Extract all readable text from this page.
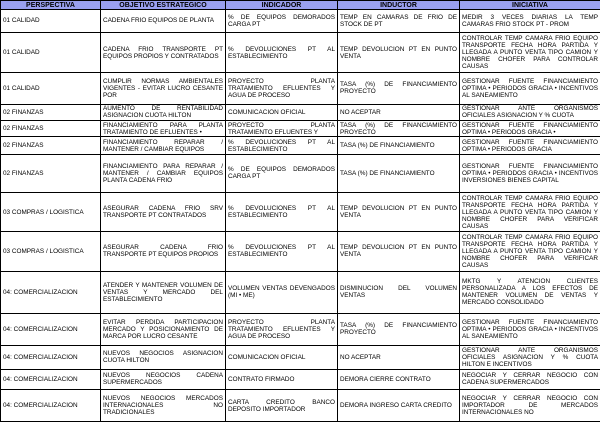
PERSPECTIVA	OBJETIVO ESTRATEGICO	INDICADOR	INDUCTOR	INICIATIVA
01 CALIDAD	CADENA FRIO EQUIPOS DE PLANTA	% DE EQUIPOS DEMORADOS CARGA PT	TEMP EN CAMARAS DE FRIO DE STOCK DE PT	MEDIR 3 VECES DIARIAS LA TEMP CAMARAS FRIO STOCK PT - PROM
01 CALIDAD	CADENA FRIO TRANSPORTE PT EQUIPOS PROPIOS Y CONTRATADOS	% DEVOLUCIONES PT AL ESTABLECIMIENTO	TEMP DEVOLUCION PT EN PUNTO VENTA	CONTROLAR TEMP CAMARA FRIO EQUIPO TRANSPORTE FECHA HORA PARTIDA Y LLEGADA A PUNTO VENTA TIPO CAMION Y NOMBRE CHOFER PARA CONTROLAR CAUSAS
01 CALIDAD	CUMPLIR NORMAS AMBIENTALES VIGENTES - EVITAR LUCRO CESANTE POR	PROYECTO PLANTA TRATAMIENTO EFLUENTES Y AGUA DE PROCESO	TASA (%) DE FINANCIAMIENTO PROYECTO	GESTIONAR FUENTE FINANCIAMIENTO OPTIMA • PERIODOS GRACIA • INCENTIVOS AL SANEAMIENTO
02 FINANZAS	AUMENTO DE RENTABILIDAD ASIGNACION CUOTA HILTON	COMUNICACION OFICIAL	NO ACEPTAR	GESTIONAR ANTE ORGANISMOS OFICIALES ASIGNACION Y % CUOTA
02 FINANZAS	FINANCIAMIENTO PARA PLANTA TRATAMIENTO DE EFLUENTES •	PROYECTO PLANTA TRATAMIENTO EFLUENTES Y	TASA (%) DE FINANCIAMIENTO PROYECTO	GESTIONAR FUENTE FINANCIAMIENTO OPTIMA • PERIODOS GRACIA •
02 FINANZAS	FINANCIAMIENTO REPARAR / MANTENER / CAMBIAR EQUIPOS	% DEVOLUCIONES PT AL ESTABLECIMIENTO	TASA (%) DE FINANCIAMIENTO	GESTIONAR FUENTE FINANCIAMIENTO OPTIMA • PERIODOS GRACIA
02 FINANZAS	FINANCIAMIENTO PARA REPARAR / MANTENER / CAMBIAR EQUIPOS PLANTA CADENA FRIO	% DE EQUIPOS DEMORADOS CARGA PT	TASA (%) DE FINANCIAMIENTO	GESTIONAR FUENTE FINANCIAMIENTO OPTIMA • PERIODOS GRACIA • INCENTIVOS INVERSIONES BIENES CAPITAL
03 COMPRAS / LOGISTICA	ASEGURAR CADENA FRIO SRV TRANSPORTE PT CONTRATADOS	% DEVOLUCIONES PT AL ESTABLECIMIENTO	TEMP DEVOLUCION PT EN PUNTO VENTA	CONTROLAR TEMP CAMARA FRIO EQUIPO TRANSPORTE FECHA HORA PARTIDA Y LLEGADA A PUNTO VENTA TIPO CAMION Y NOMBRE CHOFER PARA VERIFICAR CAUSAS
03 COMPRAS / LOGISTICA	ASEGURAR CADENA FRIO TRANSPORTE PT EQUIPOS PROPIOS	% DEVOLUCIONES PT AL ESTABLECIMIENTO	TEMP DEVOLUCION PT EN PUNTO VENTA	CONTROLAR TEMP CAMARA FRIO EQUIPO TRANSPORTE FECHA HORA PARTIDA Y LLEGADA A PUNTO VENTA TIPO CAMION Y NOMBRE CHOFER PARA VERIFICAR CAUSAS
04: COMERCIALIZACION	ATENDER Y MANTENER VOLUMEN DE VENTAS Y MERCADO DEL ESTABLECIMIENTO	VOLUMEN VENTAS DEVENGADOS (MI • ME)	DISMINUCION DEL VOLUMEN VENTAS	MKTG Y ATENCION CLIENTES PERSONALIZADA A LOS EFECTOS DE MANTENER VOLUMEN DE VENTAS Y MERCADO CONSOLIDADO
04: COMERCIALIZACION	EVITAR PERDIDA PARTICIPACION MERCADO Y POSICIONAMIENTO DE MARCA POR LUCRO CESANTE	PROYECTO PLANTA TRATAMIENTO EFLUENTES Y AGUA DE PROCESO	TASA (%) DE FINANCIAMIENTO PROYECTO	GESTIONAR FUENTE FINANCIAMIENTO OPTIMA • PERIODOS GRACIA • INCENTIVOS AL SANEAMIENTO
04: COMERCIALIZACION	NUEVOS NEGOCIOS ASIGNACION CUOTA HILTON	COMUNICACION OFICIAL	NO ACEPTAR	GESTIONAR ANTE ORGANISMOS OFICIALES ASIGNACION Y % CUOTA HILTON E INCENTIVOS
04: COMERCIALIZACION	NUEVOS NEGOCIOS CADENA SUPERMERCADOS	CONTRATO FIRMADO	DEMORA CIERRE CONTRATO	NEGOCIAR Y CERRAR NEGOCIO CON CADENA SUPERMERCADOS
04: COMERCIALIZACION	NUEVOS NEGOCIOS MERCADOS INTERNACIONALES NO TRADICIONALES	CARTA CREDITO BANCO DEPOSITO IMPORTADOR	DEMORA INGRESO CARTA CREDITO	NEGOCIAR Y CERRAR NEGOCIO CON IMPORTADOR DE MERCADOS INTERNACIONALES NO
